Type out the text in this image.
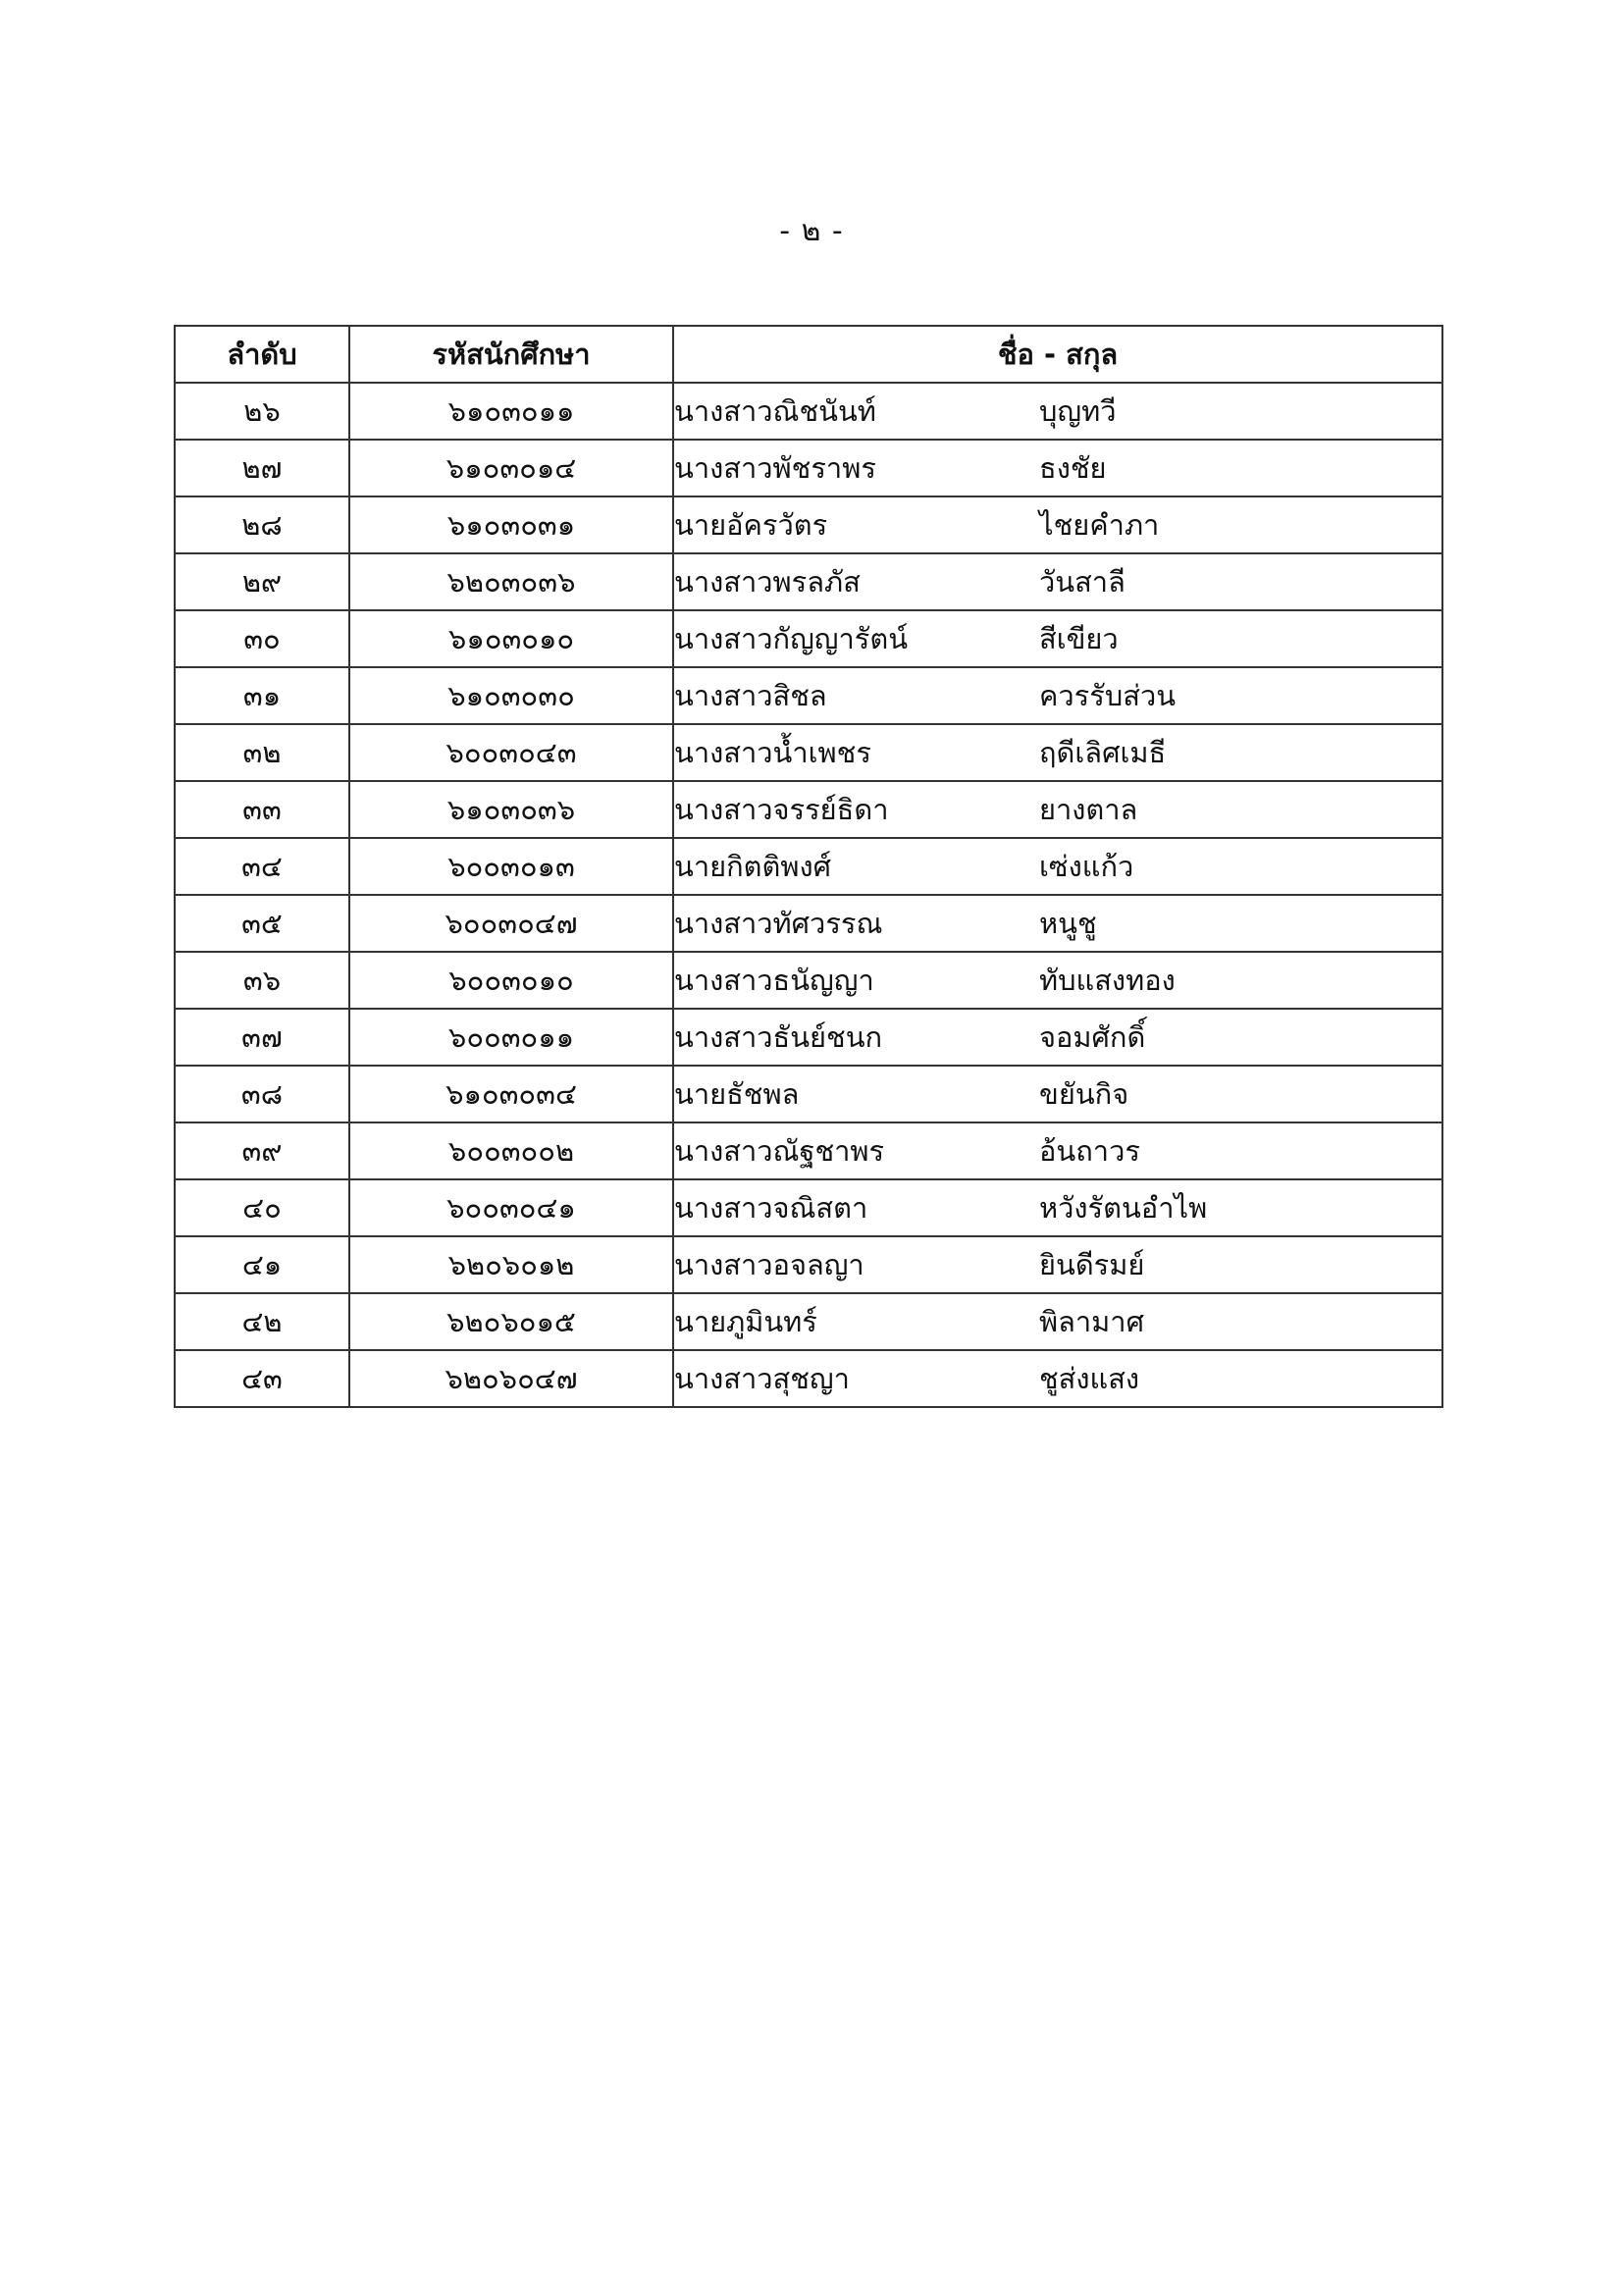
- ๒ -
ลำดับ	รหัสนักศึกษา	ชื่อ - สกุล
๒๖	๖๑๐๓๐๑๑	นางสาวณิชนันท์ บุญทวี
๒๗	๖๑๐๓๐๑๔	นางสาวพัชราพร ธงชัย
๒๘	๖๑๐๓๐๓๑	นายอัครวัตร ไชยคำภา
๒๙	๖๒๐๓๐๓๖	นางสาวพรลภัส วันสาลี
๓๐	๖๑๐๓๐๑๐	นางสาวกัญญารัตน์ สีเขียว
๓๑	๖๑๐๓๐๓๐	นางสาวสิชล ควรรับส่วน
๓๒	๖๐๐๓๐๔๓	นางสาวน้ำเพชร ฤดีเลิศเมธี
๓๓	๖๑๐๓๐๓๖	นางสาวจรรย์ธิดา ยางตาล
๓๔	๖๐๐๓๐๑๓	นายกิตติพงศ์ เซ่งแก้ว
๓๕	๖๐๐๓๐๔๗	นางสาวทัศวรรณ หนูชู
๓๖	๖๐๐๓๐๑๐	นางสาวธนัญญา ทับแสงทอง
๓๗	๖๐๐๓๐๑๑	นางสาวธันย์ชนก จอมศักดิ์
๓๘	๖๑๐๓๐๓๔	นายธัชพล ขยันกิจ
๓๙	๖๐๐๓๐๐๒	นางสาวณัฐชาพร อ้นถาวร
๔๐	๖๐๐๓๐๔๑	นางสาวจณิสตา หวังรัตนอำไพ
๔๑	๖๒๐๖๐๑๒	นางสาวอจลญา ยินดีรมย์
๔๒	๖๒๐๖๐๑๕	นายภูมินทร์ พิลามาศ
๔๓	๖๒๐๖๐๔๗	นางสาวสุชญา ชูส่งแสง
